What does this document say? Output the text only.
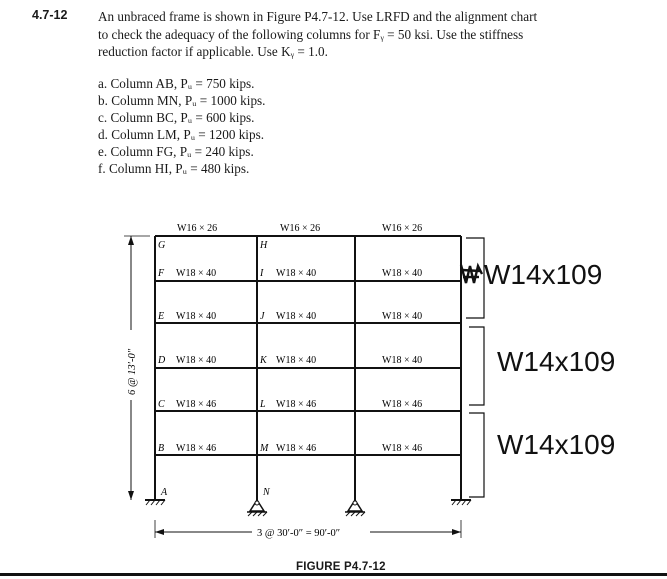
4.7-12 An unbraced frame is shown in Figure P4.7-12. Use LRFD and the alignment chart
to check the adequacy of the following columns for Fᵧ = 50 ksi. Use the stiffness
reduction factor if applicable. Use Kᵧ = 1.0.
a. Column AB, Pᵤ = 750 kips.
b. Column MN, Pᵤ = 1000 kips.
c. Column BC, Pᵤ = 600 kips.
d. Column LM, Pᵤ = 1200 kips.
e. Column FG, Pᵤ = 240 kips.
f. Column HI, Pᵤ = 480 kips.
W16 × 26	W16 × 26	W16 × 26
W18 × 40	W18 × 40	W18 × 40
W18 × 40	W18 × 40	W18 × 40
W18 × 40	W18 × 40	W18 × 40
W18 × 46	W18 × 46	W18 × 46
W18 × 46	W18 × 46	W18 × 46
G
F
E
D
C
B
A
H
I
J
K
L
M
N
6 @ 13′-0″
3 @ 30′-0″ = 90′-0″
W14x109
W14x109
W14x109
FIGURE P4.7-12
